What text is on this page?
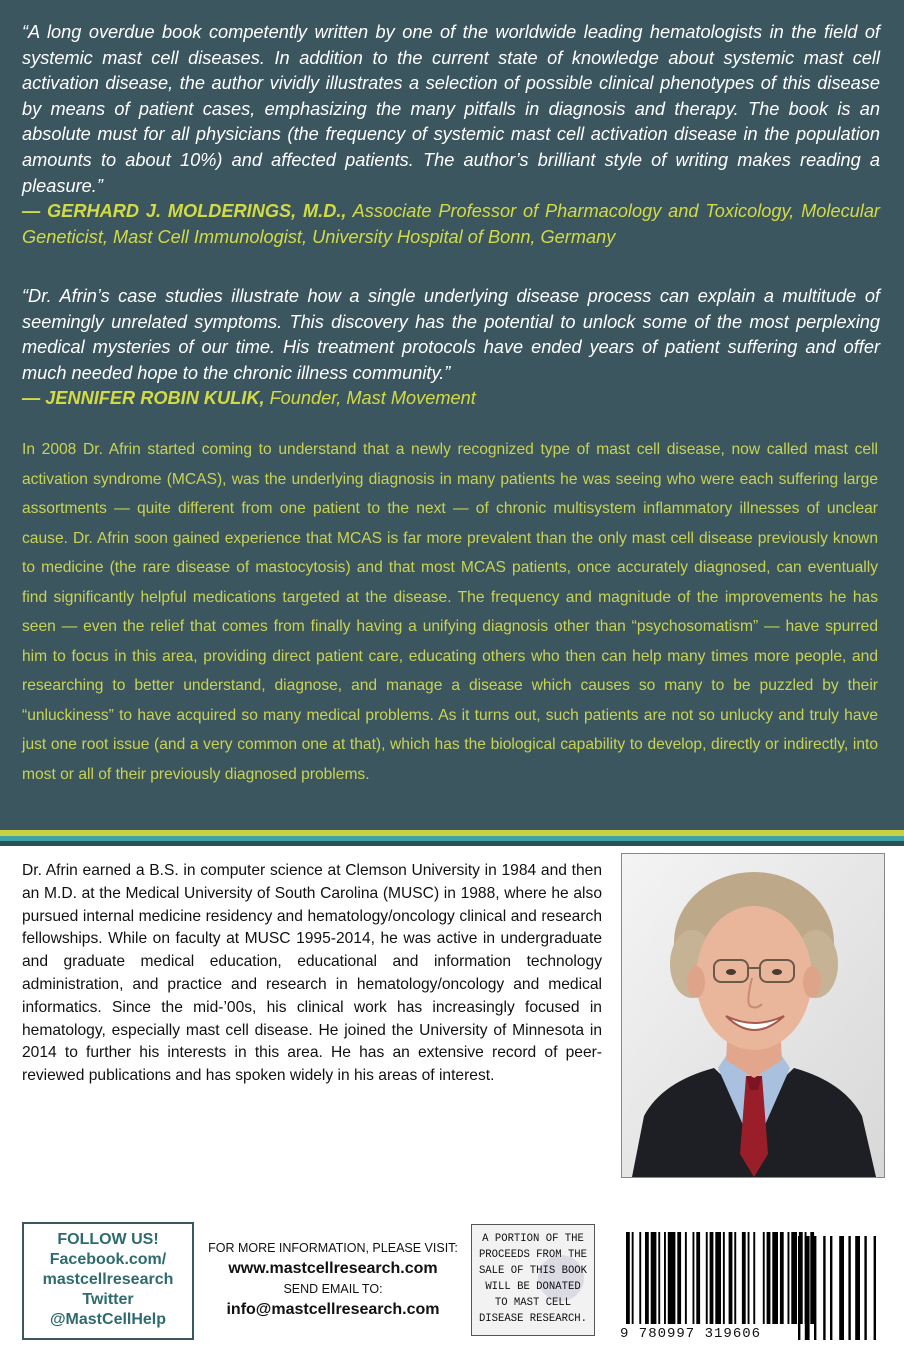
“A long overdue book competently written by one of the worldwide leading hematologists in the field of systemic mast cell diseases. In addition to the current state of knowledge about systemic mast cell activation disease, the author vividly illustrates a selection of possible clinical phenotypes of this disease by means of patient cases, emphasizing the many pitfalls in diagnosis and therapy. The book is an absolute must for all physicians (the frequency of systemic mast cell activation disease in the population amounts to about 10%) and affected patients. The author’s brilliant style of writing makes reading a pleasure.”
— GERHARD J. MOLDERINGS, M.D., Associate Professor of Pharmacology and Toxicology, Molecular Geneticist, Mast Cell Immunologist, University Hospital of Bonn, Germany
“Dr. Afrin’s case studies illustrate how a single underlying disease process can explain a multitude of seemingly unrelated symptoms. This discovery has the potential to unlock some of the most perplexing medical mysteries of our time. His treatment protocols have ended years of patient suffering and offer much needed hope to the chronic illness community.”
— JENNIFER ROBIN KULIK, Founder, Mast Movement
In 2008 Dr. Afrin started coming to understand that a newly recognized type of mast cell disease, now called mast cell activation syndrome (MCAS), was the underlying diagnosis in many patients he was seeing who were each suffering large assortments — quite different from one patient to the next — of chronic multisystem inflammatory illnesses of unclear cause. Dr. Afrin soon gained experience that MCAS is far more prevalent than the only mast cell disease previously known to medicine (the rare disease of mastocytosis) and that most MCAS patients, once accurately diagnosed, can eventually find significantly helpful medications targeted at the disease. The frequency and magnitude of the improvements he has seen — even the relief that comes from finally having a unifying diagnosis other than “psychosomatism” — have spurred him to focus in this area, providing direct patient care, educating others who then can help many times more people, and researching to better understand, diagnose, and manage a disease which causes so many to be puzzled by their “unluckiness” to have acquired so many medical problems. As it turns out, such patients are not so unlucky and truly have just one root issue (and a very common one at that), which has the biological capability to develop, directly or indirectly, into most or all of their previously diagnosed problems.
Dr. Afrin earned a B.S. in computer science at Clemson University in 1984 and then an M.D. at the Medical University of South Carolina (MUSC) in 1988, where he also pursued internal medicine residency and hematology/oncology clinical and research fellowships. While on faculty at MUSC 1995-2014, he was active in undergraduate and graduate medical education, educational and information technology administration, and practice and research in hematology/oncology and medical informatics. Since the mid-’00s, his clinical work has increasingly focused in hematology, especially mast cell disease. He joined the University of Minnesota in 2014 to further his interests in this area. He has an extensive record of peer-reviewed publications and has spoken widely in his areas of interest.
FOLLOW US!
Facebook.com/
mastcellresearch
Twitter
@MastCellHelp
FOR MORE INFORMATION, PLEASE VISIT:
www.mastcellresearch.com
SEND EMAIL TO:
info@mastcellresearch.com
A PORTION OF THE
PROCEEDS FROM THE
SALE OF THIS BOOK
WILL BE DONATED
TO MAST CELL
DISEASE RESEARCH.
9 780997 319606
